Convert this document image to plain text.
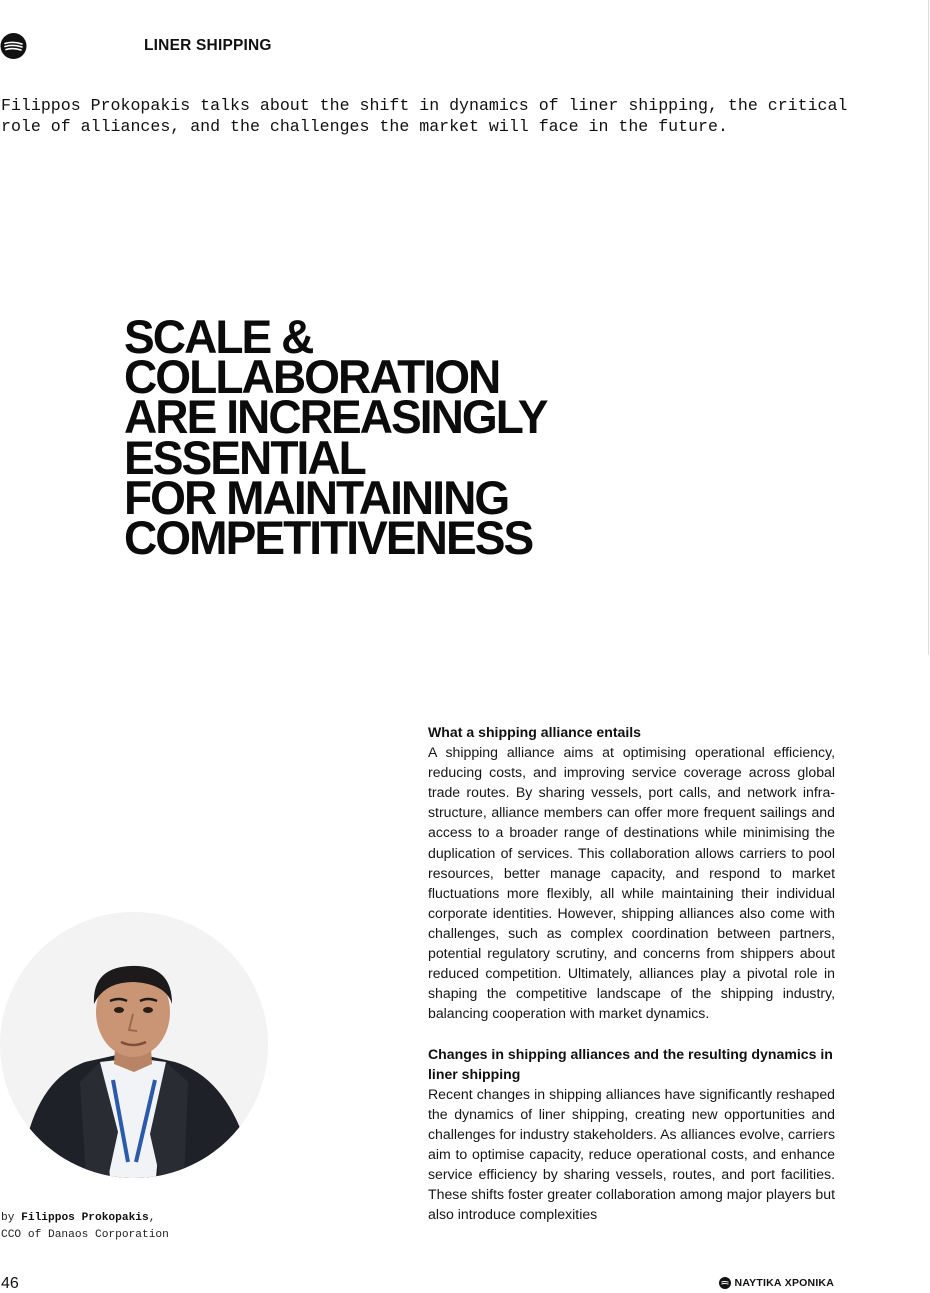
LINER SHIPPING

Filippos Prokopakis talks about the shift in dynamics of liner shipping, the critical
role of alliances, and the challenges the market will face in the future.

SCALE &
COLLABORATION
ARE INCREASINGLY
ESSENTIAL
FOR MAINTAINING
COMPETITIVENESS
What a shipping alliance entails

A shipping alliance aims at optimising operational efficiency, reducing costs, and improving service coverage across global trade routes. By sharing vessels, port calls, and network infrastructure, alliance members can offer more frequent sailings and access to a broader range of destinations while minimising the duplication of services. This collaboration allows carriers to pool resources, better manage capacity, and respond to market fluctuations more flexibly, all while maintaining their individual corporate identities. However, shipping alliances also come with challenges, such as complex coordination between partners, potential regulatory scrutiny, and concerns from shippers about reduced competition. Ultimately, alliances play a pivotal role in shaping the competitive landscape of the shipping industry, balancing cooperation with market dynamics.

Changes in shipping alliances and the resulting dynamics in liner shipping

Recent changes in shipping alliances have significantly reshaped the dynamics of liner shipping, creating new opportunities and challenges for industry stakeholders. As alliances evolve, carriers aim to optimise capacity, reduce operational costs, and enhance service efficiency by sharing vessels, routes, and port facilities. These shifts foster greater collaboration among major players but also introduce complexities

by Filippos Prokopakis,
CCO of Danaos Corporation
46	ΝΑΥΤΙΚΑ ΧΡΟΝΙΚΑ
